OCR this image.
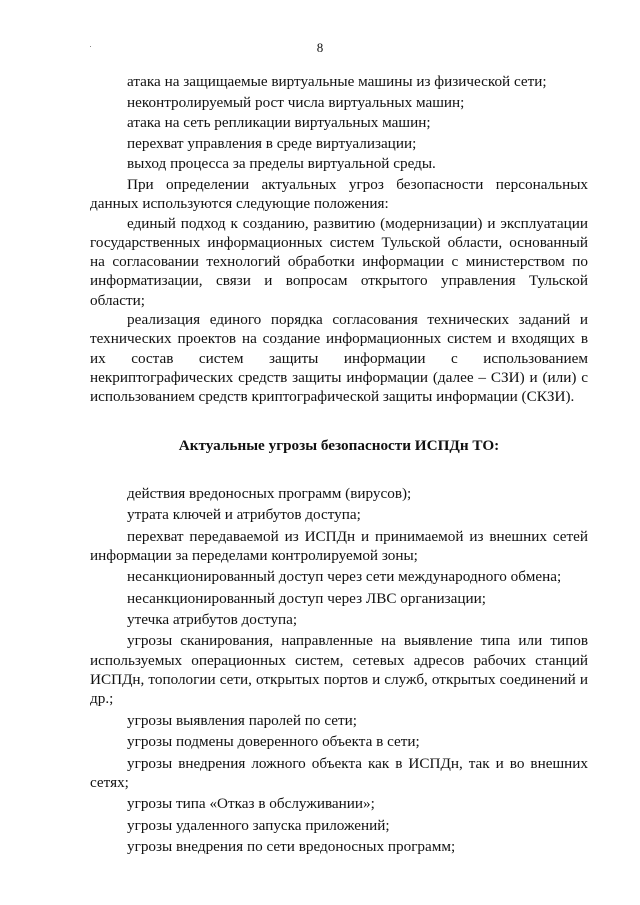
8

атака на защищаемые виртуальные машины из физической сети;

неконтролируемый рост числа виртуальных машин;

атака на сеть репликации виртуальных машин;

перехват управления в среде виртуализации;

выход процесса за пределы виртуальной среды.

При определении актуальных угроз безопасности персональных данных используются следующие положения:

единый подход к созданию, развитию (модернизации) и эксплуатации государственных информационных систем Тульской области, основанный на согласовании технологий обработки информации с министерством по информатизации, связи и вопросам открытого управления Тульской области;

реализация единого порядка согласования технических заданий и технических проектов на создание информационных систем и входящих в их состав систем защиты информации с использованием некриптографических средств защиты информации (далее – СЗИ) и (или) с использованием средств криптографической защиты информации (СКЗИ).

Актуальные угрозы безопасности ИСПДн ТО:

действия вредоносных программ (вирусов);

утрата ключей и атрибутов доступа;

перехват передаваемой из ИСПДн и принимаемой из внешних сетей информации за переделами контролируемой зоны;

несанкционированный доступ через сети международного обмена;

несанкционированный доступ через ЛВС организации;

утечка атрибутов доступа;

угрозы сканирования, направленные на выявление типа или типов используемых операционных систем, сетевых адресов рабочих станций ИСПДн, топологии сети, открытых портов и служб, открытых соединений и др.;

угрозы выявления паролей по сети;

угрозы подмены доверенного объекта в сети;

угрозы внедрения ложного объекта как в ИСПДн, так и во внешних сетях;

угрозы типа «Отказ в обслуживании»;

угрозы удаленного запуска приложений;

угрозы внедрения по сети вредоносных программ;
